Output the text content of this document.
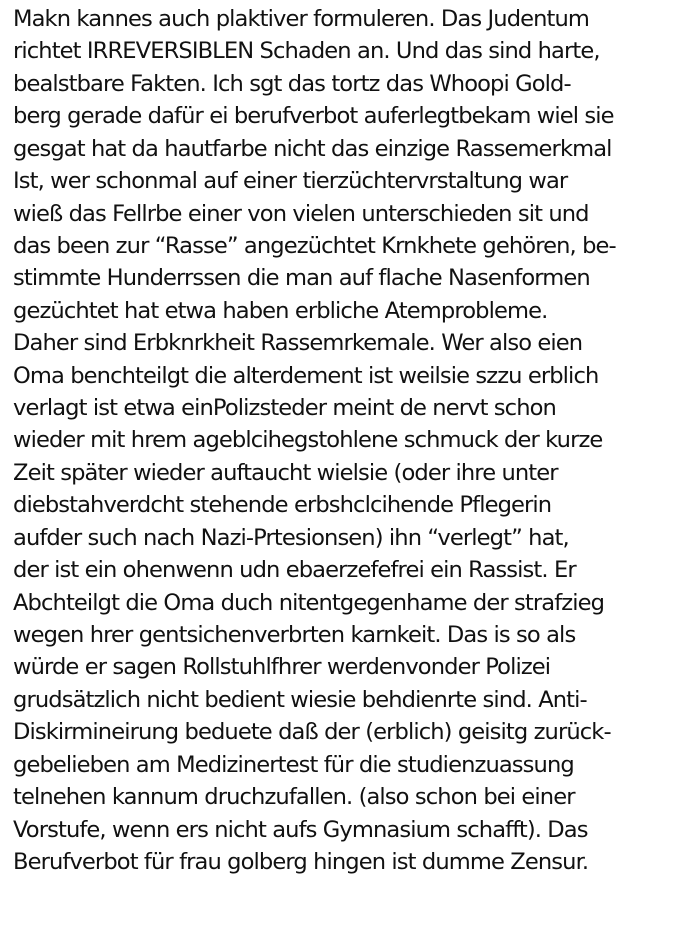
Makn kannes auch plaktiver formuleren. Das Judentum
richtet IRREVERSIBLEN Schaden an. Und das sind harte,
bealstbare Fakten. Ich sgt das tortz das Whoopi Gold-
berg gerade dafür ei berufverbot auferlegtbekam wiel sie
gesgat hat da hautfarbe nicht das einzige Rassemerkmal
Ist, wer schonmal auf einer tierzüchtervrstaltung war
wieß das Fellrbe einer von vielen unterschieden sit und
das been zur “Rasse” angezüchtet Krnkhete gehören, be-
stimmte Hunderrssen die man auf flache Nasenformen
gezüchtet hat etwa haben erbliche Atemprobleme.
Daher sind Erbknrkheit Rassemrkemale. Wer also eien
Oma benchteilgt die alterdement ist weilsie szzu erblich
verlagt ist etwa einPolizsteder meint de nervt schon
wieder mit hrem ageblcihegstohlene schmuck der kurze
Zeit später wieder auftaucht wielsie (oder ihre unter
diebstahverdcht stehende erbshclcihende Pflegerin
aufder such nach Nazi-Prtesionsen) ihn “verlegt” hat,
der ist ein ohenwenn udn ebaerzefefrei ein Rassist. Er
Abchteilgt die Oma duch nitentgegenhame der strafzieg
wegen hrer gentsichenverbrten karnkeit. Das is so als
würde er sagen Rollstuhlfhrer werdenvonder Polizei
grudsätzlich nicht bedient wiesie behdienrte sind. Anti-
Diskirmineirung beduete daß der (erblich) geisitg zurück-
gebelieben am Medizinertest für die studienzuassung
telnehen kannum druchzufallen. (also schon bei einer
Vorstufe, wenn ers nicht aufs Gymnasium schafft). Das
Berufverbot für frau golberg hingen ist dumme Zensur.
